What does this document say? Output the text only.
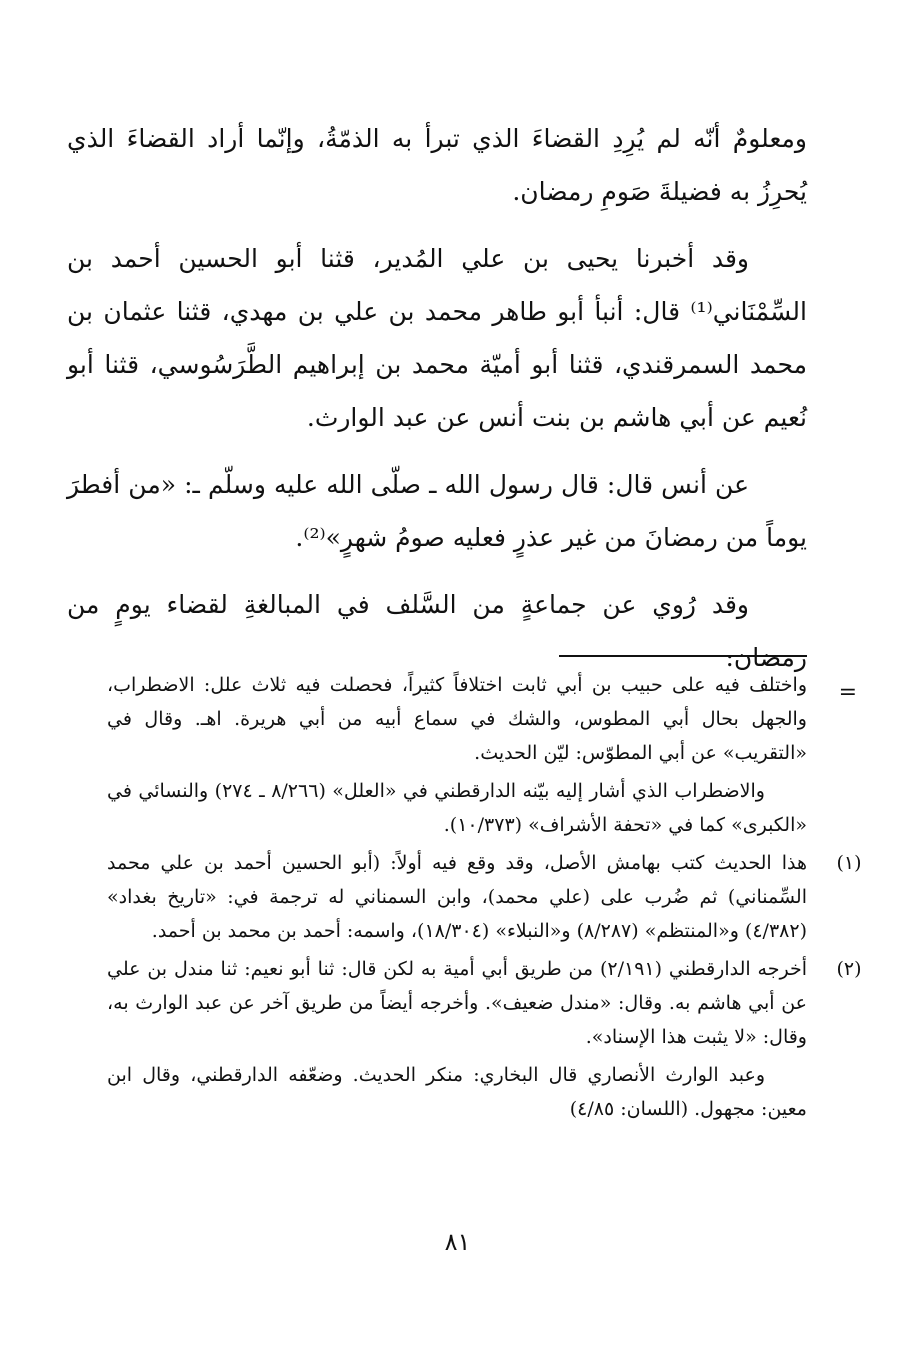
ومعلومٌ أنّه لم يُرِدِ القضاءَ الذي تبرأ به الذمّةُ، وإنّما أراد القضاءَ الذي يُحرِزُ به فضيلةَ صَومِ رمضان.

وقد أخبرنا يحيى بن علي المُدير، قثنا أبو الحسين أحمد بن السِّمْنَاني⁽¹⁾ قال: أنبأ أبو طاهر محمد بن علي بن مهدي، قثنا عثمان بن محمد السمرقندي، قثنا أبو أميّة محمد بن إبراهيم الطَّرَسُوسي، قثنا أبو نُعيم عن أبي هاشم بن بنت أنس عن عبد الوارث.

عن أنس قال: قال رسول الله ـ صلّى الله عليه وسلّم ـ: «من أفطرَ يوماً من رمضانَ من غير عذرٍ فعليه صومُ شهرٍ»⁽²⁾.

وقد رُوي عن جماعةٍ من السَّلف في المبالغةِ لقضاء يومٍ من رمضان:

=

واختلف فيه على حبيب بن أبي ثابت اختلافاً كثيراً، فحصلت فيه ثلاث علل: الاضطراب، والجهل بحال أبي المطوس، والشك في سماع أبيه من أبي هريرة. اهـ. وقال في «التقريب» عن أبي المطوّس: ليّن الحديث.

والاضطراب الذي أشار إليه بيّنه الدارقطني في «العلل» (٨/٢٦٦ ـ ٢٧٤) والنسائي في «الكبرى» كما في «تحفة الأشراف» (١٠/٣٧٣).

(١)

هذا الحديث كتب بهامش الأصل، وقد وقع فيه أولاً: (أبو الحسين أحمد بن علي محمد السِّمناني) ثم ضُرب على (علي محمد)، وابن السمناني له ترجمة في: «تاريخ بغداد» (٤/٣٨٢) و«المنتظم» (٨/٢٨٧) و«النبلاء» (١٨/٣٠٤)، واسمه: أحمد بن محمد بن أحمد.

(٢)

أخرجه الدارقطني (٢/١٩١) من طريق أبي أمية به لكن قال: ثنا أبو نعيم: ثنا مندل بن علي عن أبي هاشم به. وقال: «مندل ضعيف». وأخرجه أيضاً من طريق آخر عن عبد الوارث به، وقال: «لا يثبت هذا الإسناد».

وعبد الوارث الأنصاري قال البخاري: منكر الحديث. وضعّفه الدارقطني، وقال ابن معين: مجهول. (اللسان: ٤/٨٥)

٨١
